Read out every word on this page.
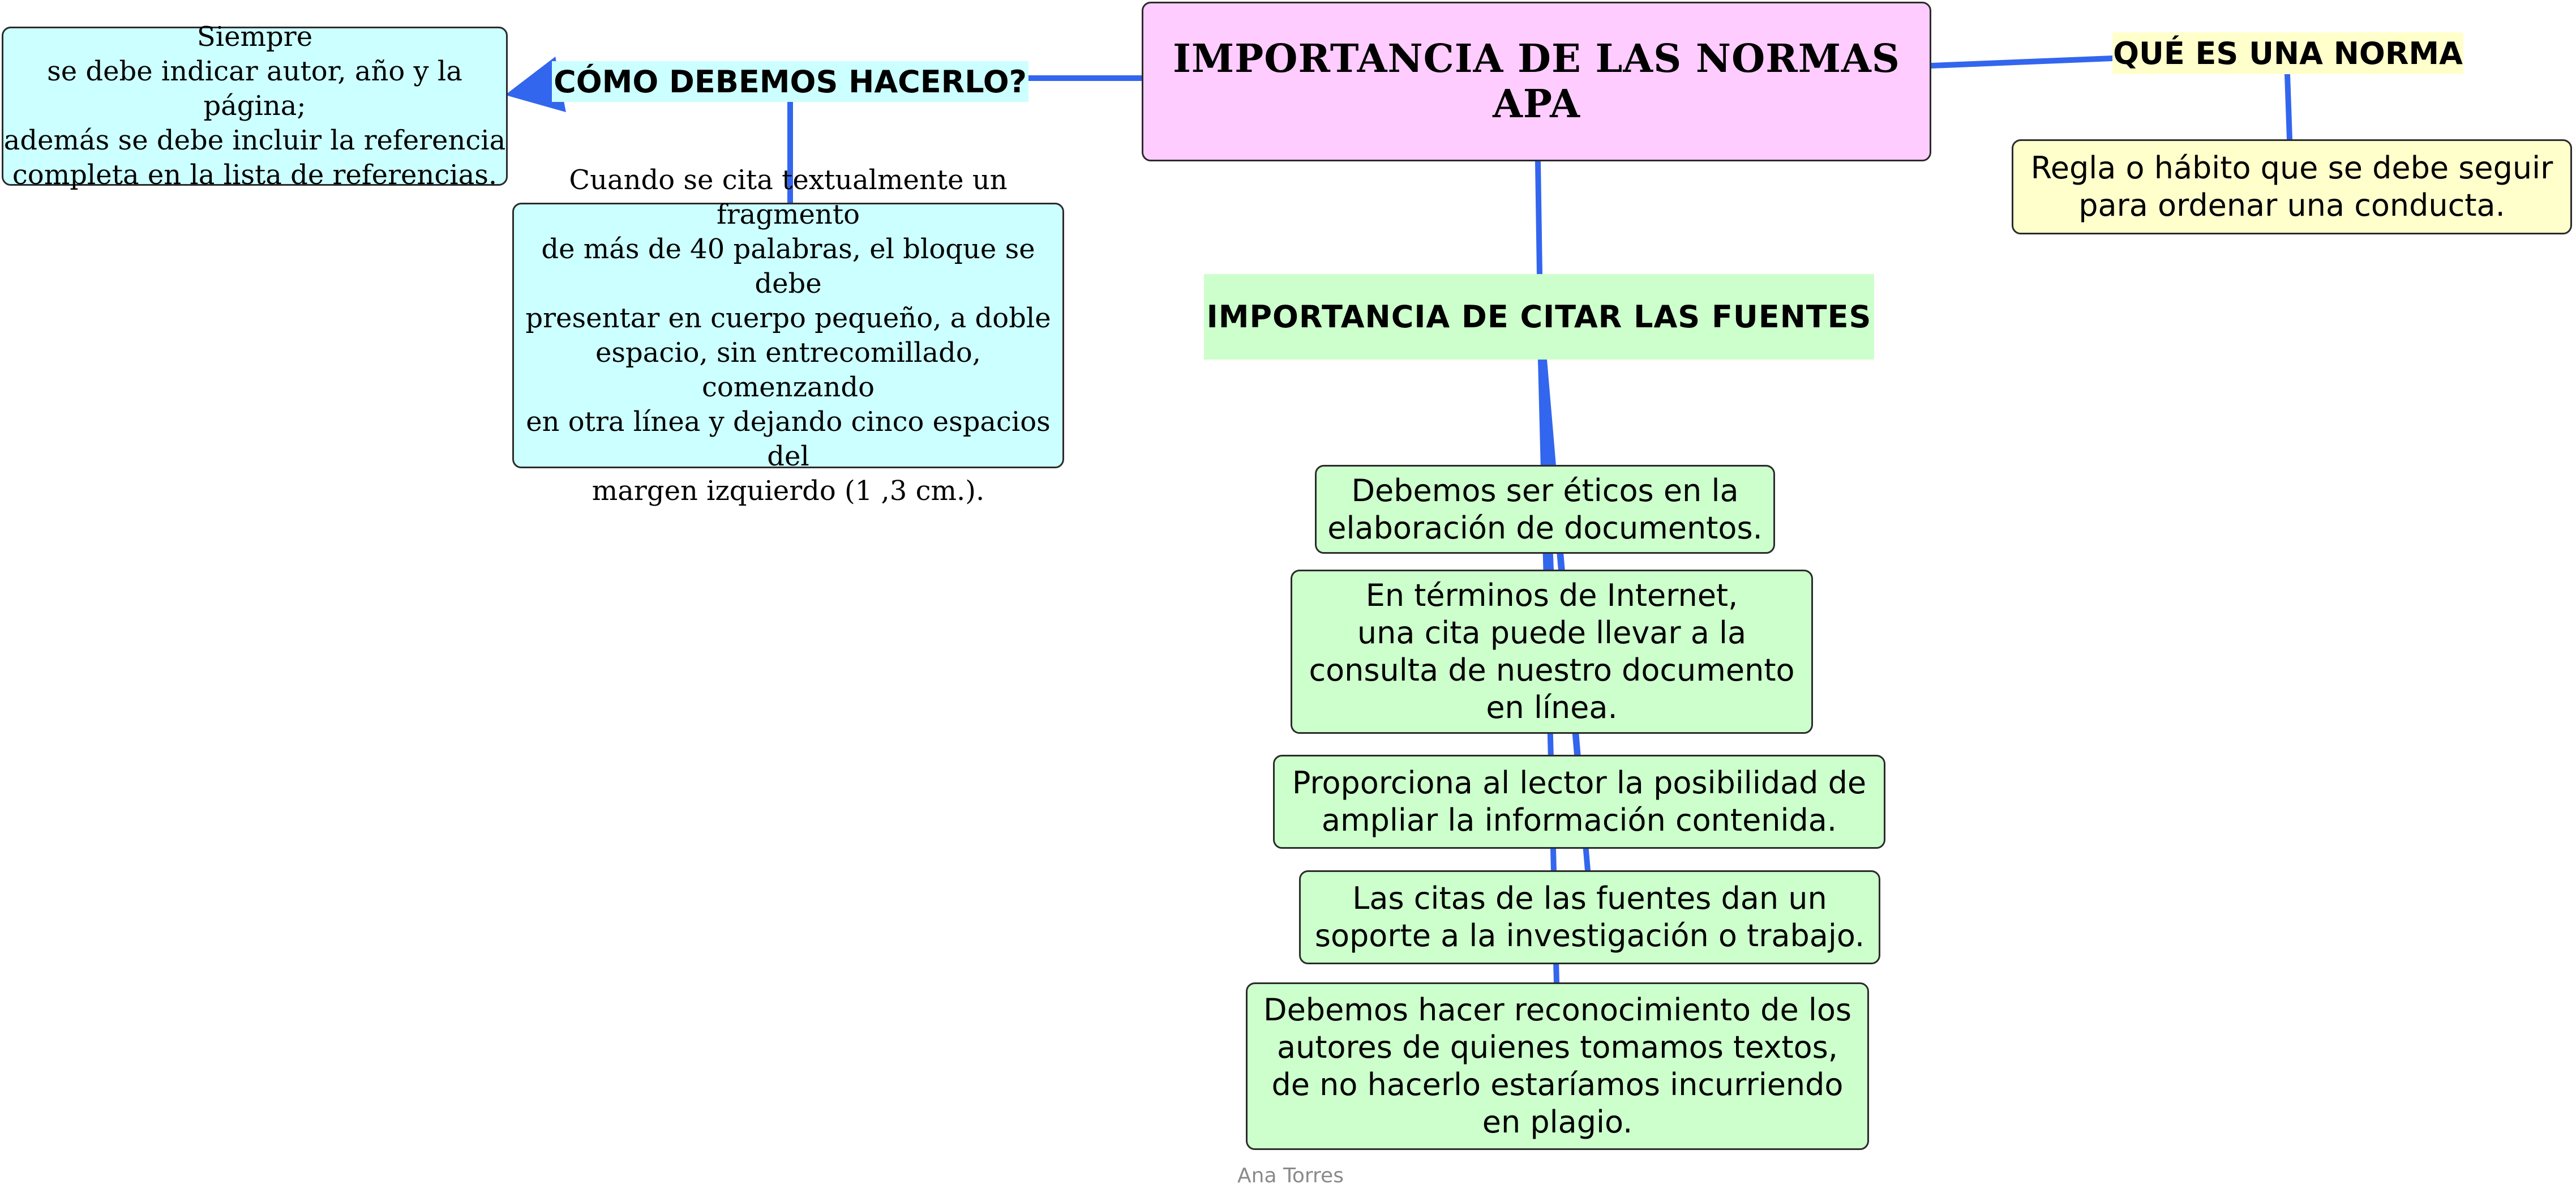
IMPORTANCIA DE LAS NORMAS APA
CÓMO DEBEMOS HACERLO?
Siempre
se debe indicar autor, año y la página;
además se debe incluir la referencia
completa en la lista de referencias.	Cuando se cita textualmente un fragmento
de más de 40 palabras, el bloque se debe
presentar en cuerpo pequeño, a doble
espacio, sin entrecomillado, comenzando
en otra línea y dejando cinco espacios del
margen izquierdo (1 ,3 cm.).
QUÉ ES UNA NORMA
Regla o hábito que se debe seguir
para ordenar una conducta.
IMPORTANCIA DE CITAR LAS FUENTES
Debemos ser éticos en la
elaboración de documentos.
En términos de Internet,
una cita puede llevar a la
consulta de nuestro documento
en línea.
Proporciona al lector la posibilidad de
ampliar la información contenida.
Las citas de las fuentes dan un
soporte a la investigación o trabajo.
Debemos hacer reconocimiento de los
autores de quienes tomamos textos,
de no hacerlo estaríamos incurriendo
en plagio.
Ana Torres
